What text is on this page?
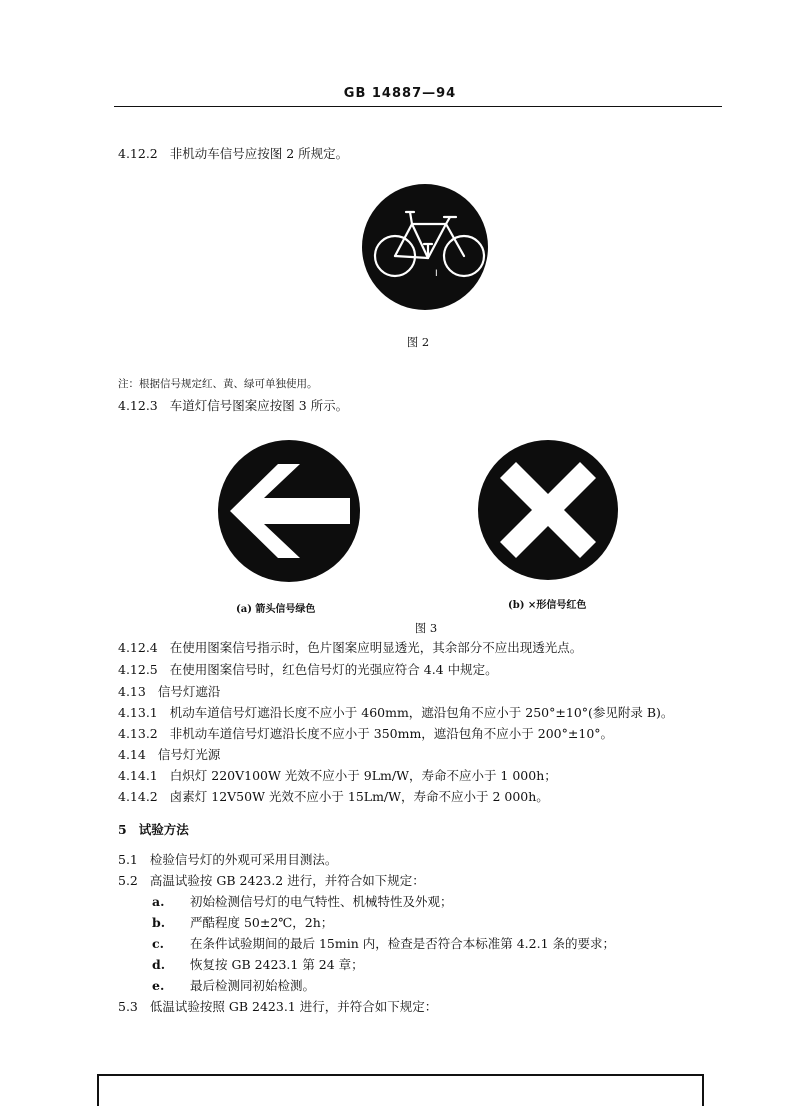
GB 14887—94
4.12.2 非机动车信号应按图 2 所规定。
I
图 2
注：根据信号规定红、黄、绿可单独使用。
4.12.3 车道灯信号图案应按图 3 所示。
(a) 箭头信号绿色	(b) ×形信号红色
图 3
4.12.4 在使用图案信号指示时，色片图案应明显透光，其余部分不应出现透光点。
4.12.5 在使用图案信号时，红色信号灯的光强应符合 4.4 中规定。
4.13 信号灯遮沿
4.13.1 机动车道信号灯遮沿长度不应小于 460mm，遮沿包角不应小于 250°±10°(参见附录 B)。
4.13.2 非机动车道信号灯遮沿长度不应小于 350mm，遮沿包角不应小于 200°±10°。
4.14 信号灯光源
4.14.1 白炽灯 220V100W 光效不应小于 9Lm/W，寿命不应小于 1 000h；
4.14.2 卤素灯 12V50W 光效不应小于 15Lm/W，寿命不应小于 2 000h。
5 试验方法
5.1 检验信号灯的外观可采用目测法。
5.2 高温试验按 GB 2423.2 进行，并符合如下规定：
a. 初始检测信号灯的电气特性、机械特性及外观；
b. 严酷程度 50±2℃，2h；
c. 在条件试验期间的最后 15min 内，检查是否符合本标准第 4.2.1 条的要求；
d. 恢复按 GB 2423.1 第 24 章；
e. 最后检测同初始检测。
5.3 低温试验按照 GB 2423.1 进行，并符合如下规定：
